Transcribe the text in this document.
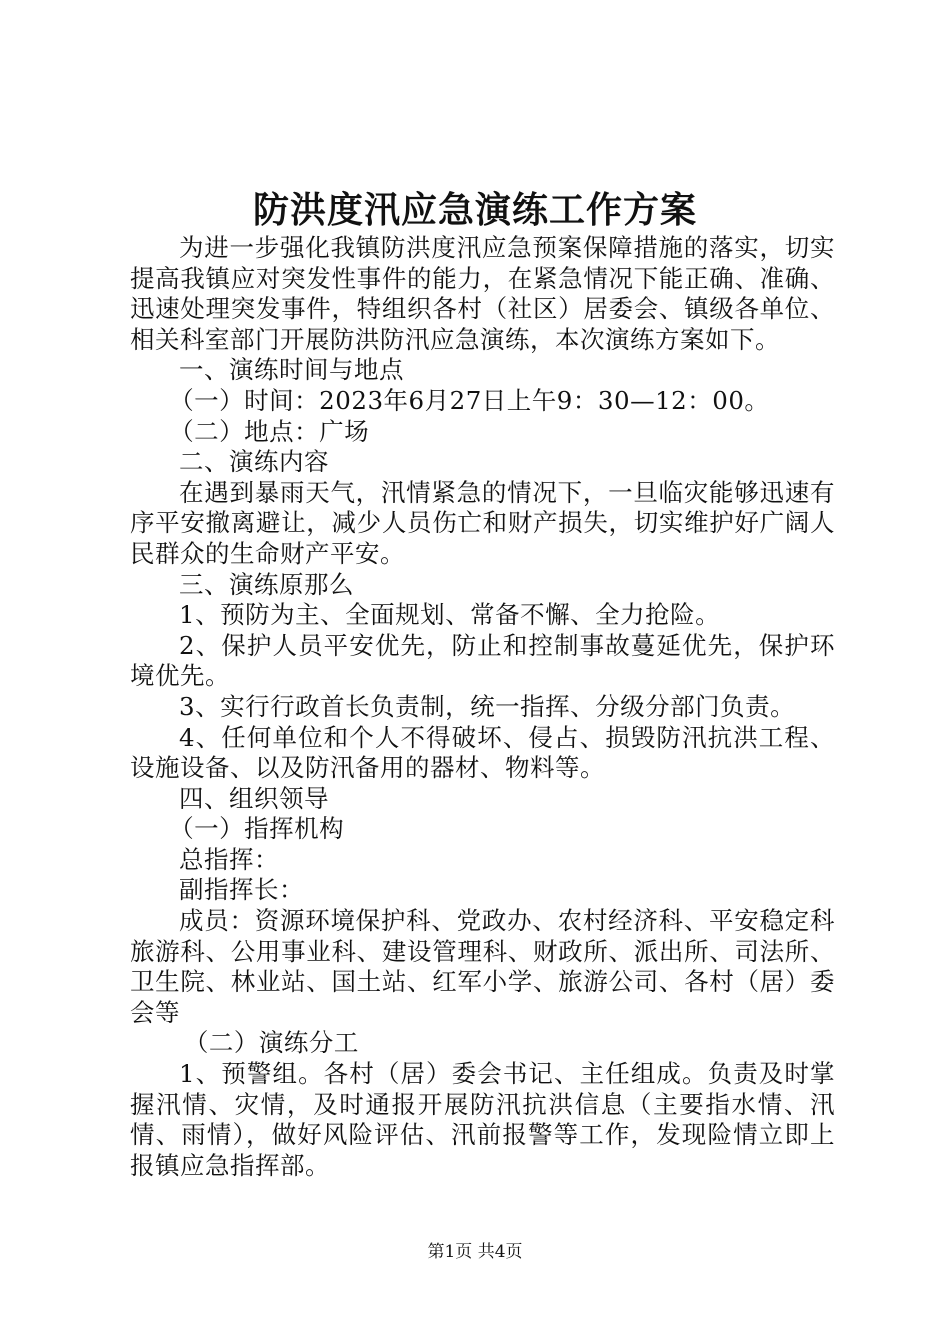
防洪度汛应急演练工作方案

为进一步强化我镇防洪度汛应急预案保障措施的落实，切实提高我镇应对突发性事件的能力，在紧急情况下能正确、准确、迅速处理突发事件，特组织各村（社区）居委会、镇级各单位、相关科室部门开展防洪防汛应急演练，本次演练方案如下。

一、演练时间与地点

（一）时间：2023年6月27日上午9：30—12：00。

（二）地点：广场

二、演练内容

在遇到暴雨天气，汛情紧急的情况下，一旦临灾能够迅速有序平安撤离避让，减少人员伤亡和财产损失，切实维护好广阔人民群众的生命财产平安。

三、演练原那么

1、预防为主、全面规划、常备不懈、全力抢险。

2、保护人员平安优先，防止和控制事故蔓延优先，保护环境优先。

3、实行行政首长负责制，统一指挥、分级分部门负责。

4、任何单位和个人不得破坏、侵占、损毁防汛抗洪工程、设施设备、以及防汛备用的器材、物料等。

四、组织领导

（一）指挥机构

总指挥：

副指挥长：

成员：资源环境保护科、党政办、农村经济科、平安稳定科旅游科、公用事业科、建设管理科、财政所、派出所、司法所、卫生院、林业站、国土站、红军小学、旅游公司、各村（居）委会等

（二）演练分工

1、预警组。各村（居）委会书记、主任组成。负责及时掌握汛情、灾情，及时通报开展防汛抗洪信息（主要指水情、汛情、雨情），做好风险评估、汛前报警等工作，发现险情立即上报镇应急指挥部。

第1页 共4页
